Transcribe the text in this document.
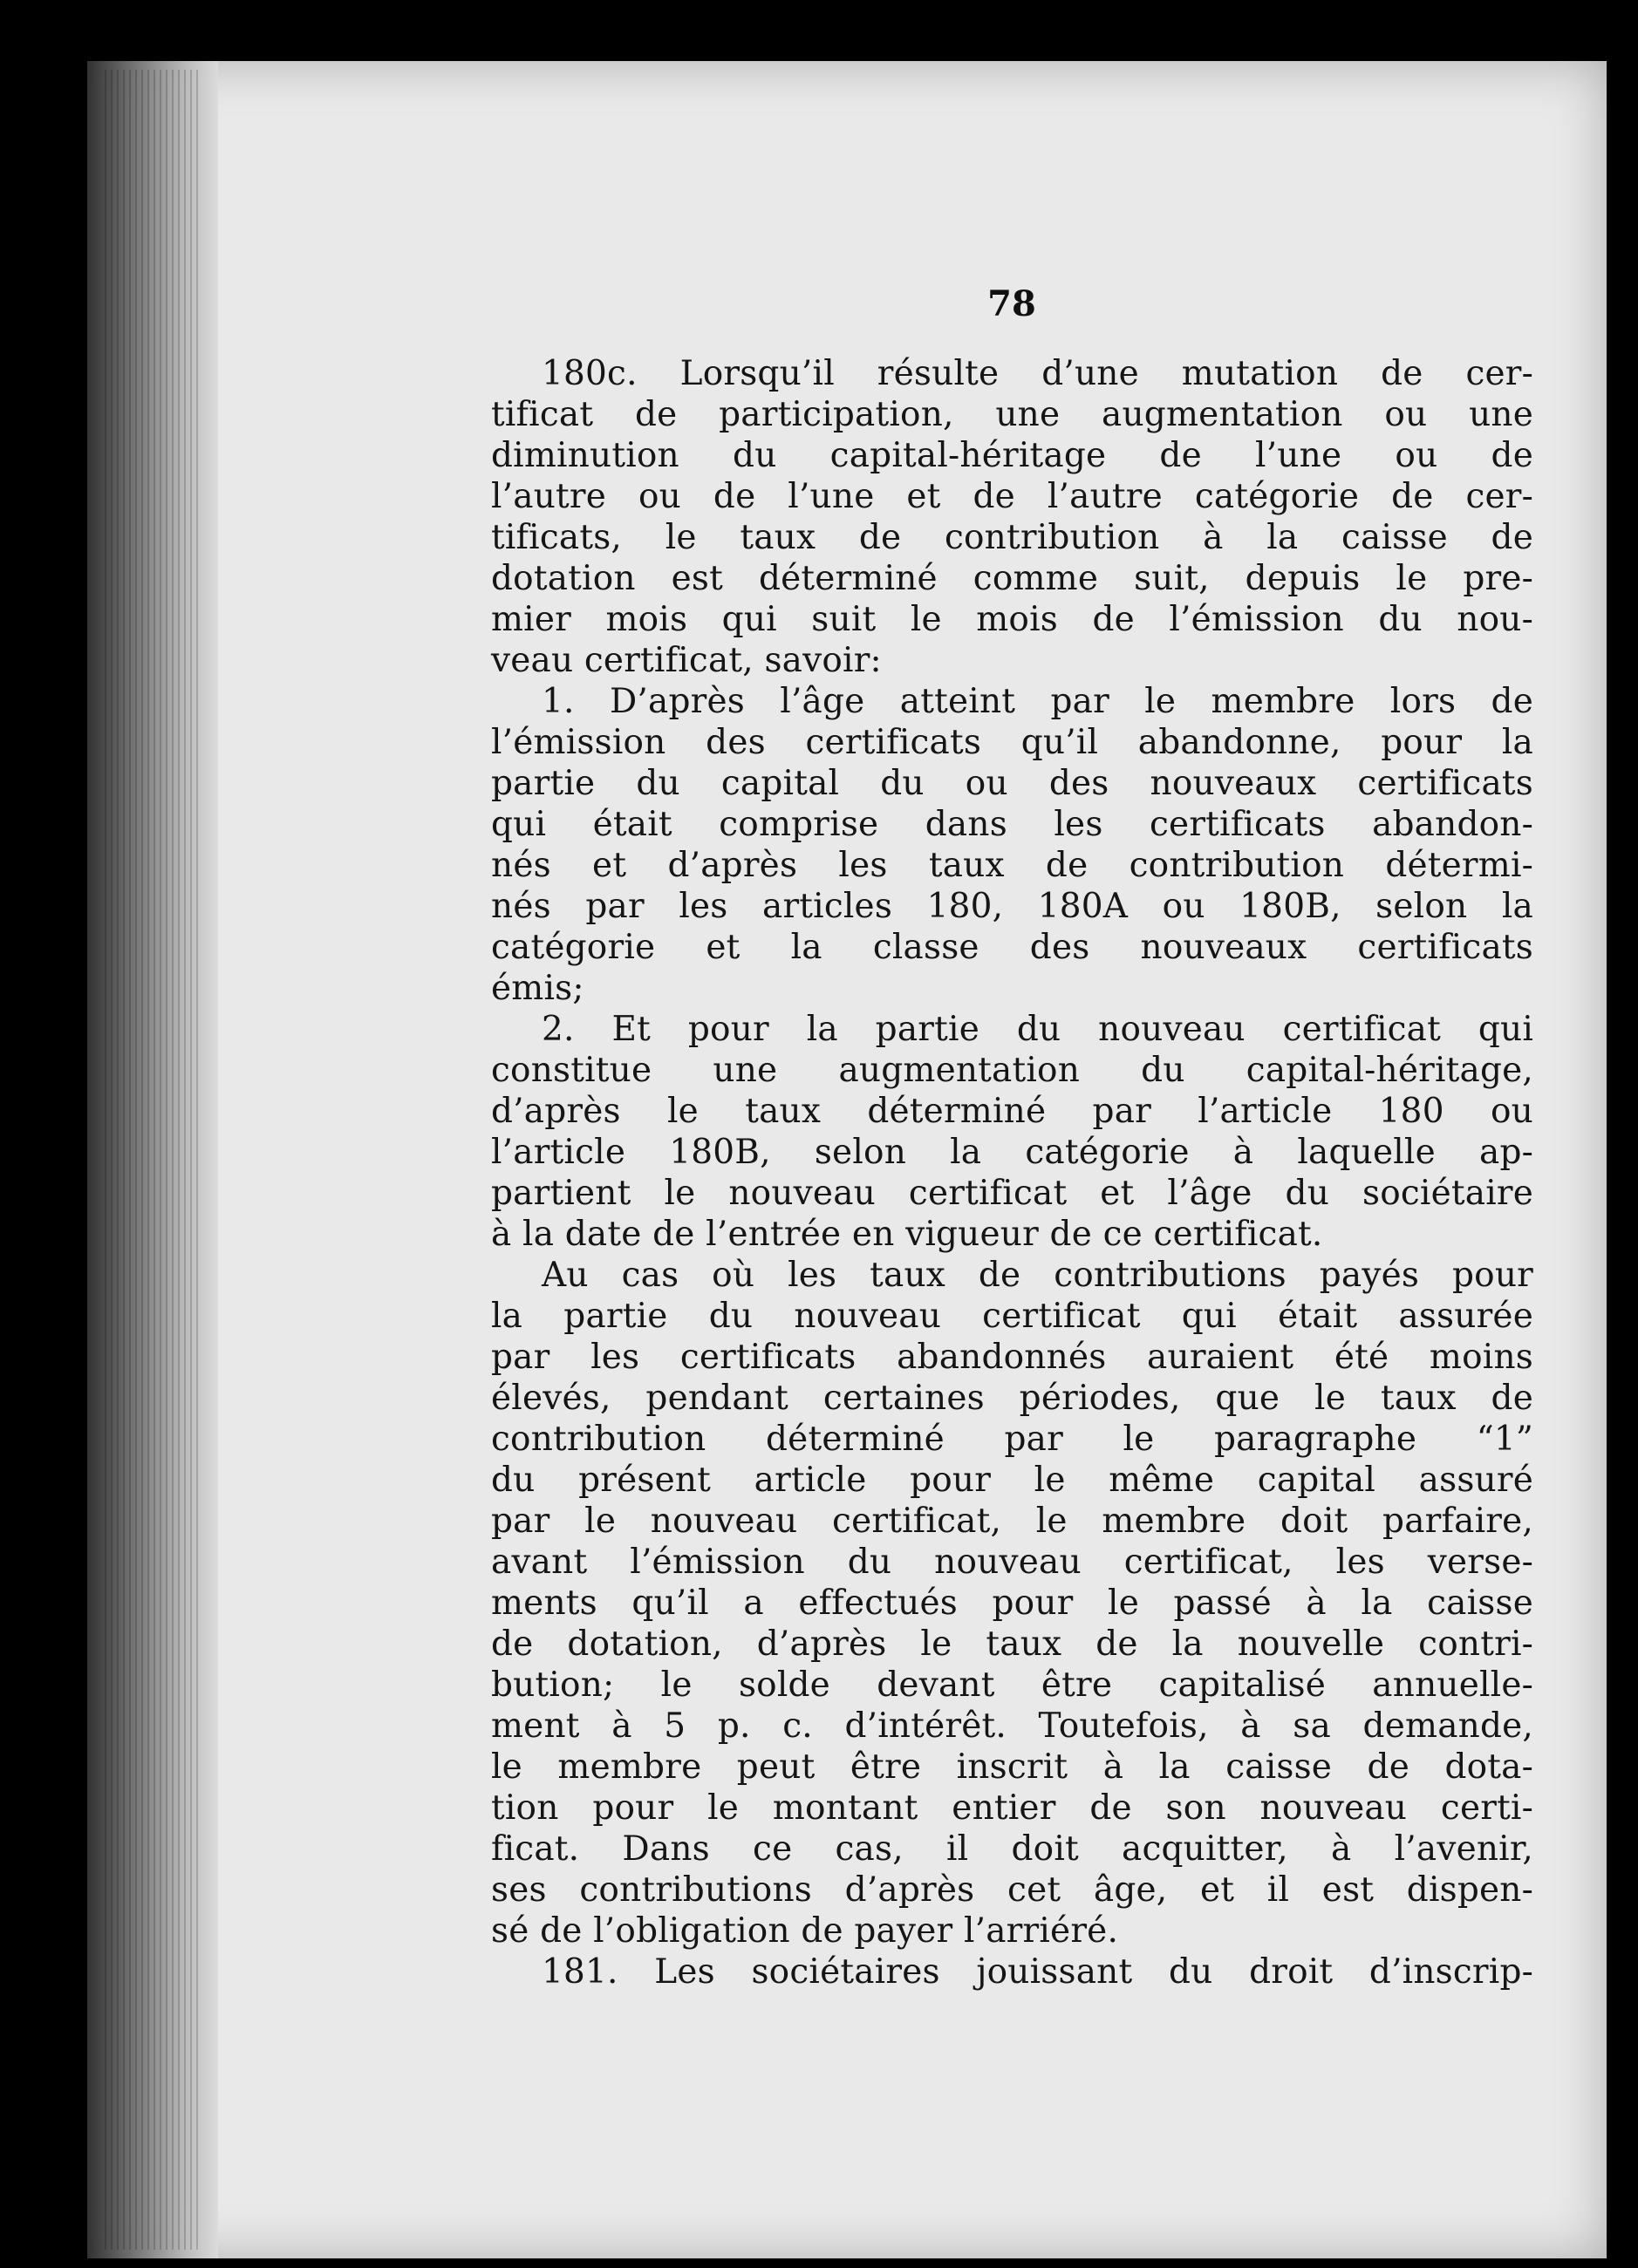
78
180c. Lorsqu’il résulte d’une mutation de cer-
tificat de participation, une augmentation ou une
diminution du capital-héritage de l’une ou de
l’autre ou de l’une et de l’autre catégorie de cer-
tificats, le taux de contribution à la caisse de
dotation est déterminé comme suit, depuis le pre-
mier mois qui suit le mois de l’émission du nou-
veau certificat, savoir:
1. D’après l’âge atteint par le membre lors de
l’émission des certificats qu’il abandonne, pour la
partie du capital du ou des nouveaux certificats
qui était comprise dans les certificats abandon-
nés et d’après les taux de contribution détermi-
nés par les articles 180, 180A ou 180B, selon la
catégorie et la classe des nouveaux certificats
émis;
2. Et pour la partie du nouveau certificat qui
constitue une augmentation du capital-héritage,
d’après le taux déterminé par l’article 180 ou
l’article 180B, selon la catégorie à laquelle ap-
partient le nouveau certificat et l’âge du sociétaire
à la date de l’entrée en vigueur de ce certificat.
Au cas où les taux de contributions payés pour
la partie du nouveau certificat qui était assurée
par les certificats abandonnés auraient été moins
élevés, pendant certaines périodes, que le taux de
contribution déterminé par le paragraphe “1”
du présent article pour le même capital assuré
par le nouveau certificat, le membre doit parfaire,
avant l’émission du nouveau certificat, les verse-
ments qu’il a effectués pour le passé à la caisse
de dotation, d’après le taux de la nouvelle contri-
bution; le solde devant être capitalisé annuelle-
ment à 5 p. c. d’intérêt. Toutefois, à sa demande,
le membre peut être inscrit à la caisse de dota-
tion pour le montant entier de son nouveau certi-
ficat. Dans ce cas, il doit acquitter, à l’avenir,
ses contributions d’après cet âge, et il est dispen-
sé de l’obligation de payer l’arriéré.
181. Les sociétaires jouissant du droit d’inscrip-
